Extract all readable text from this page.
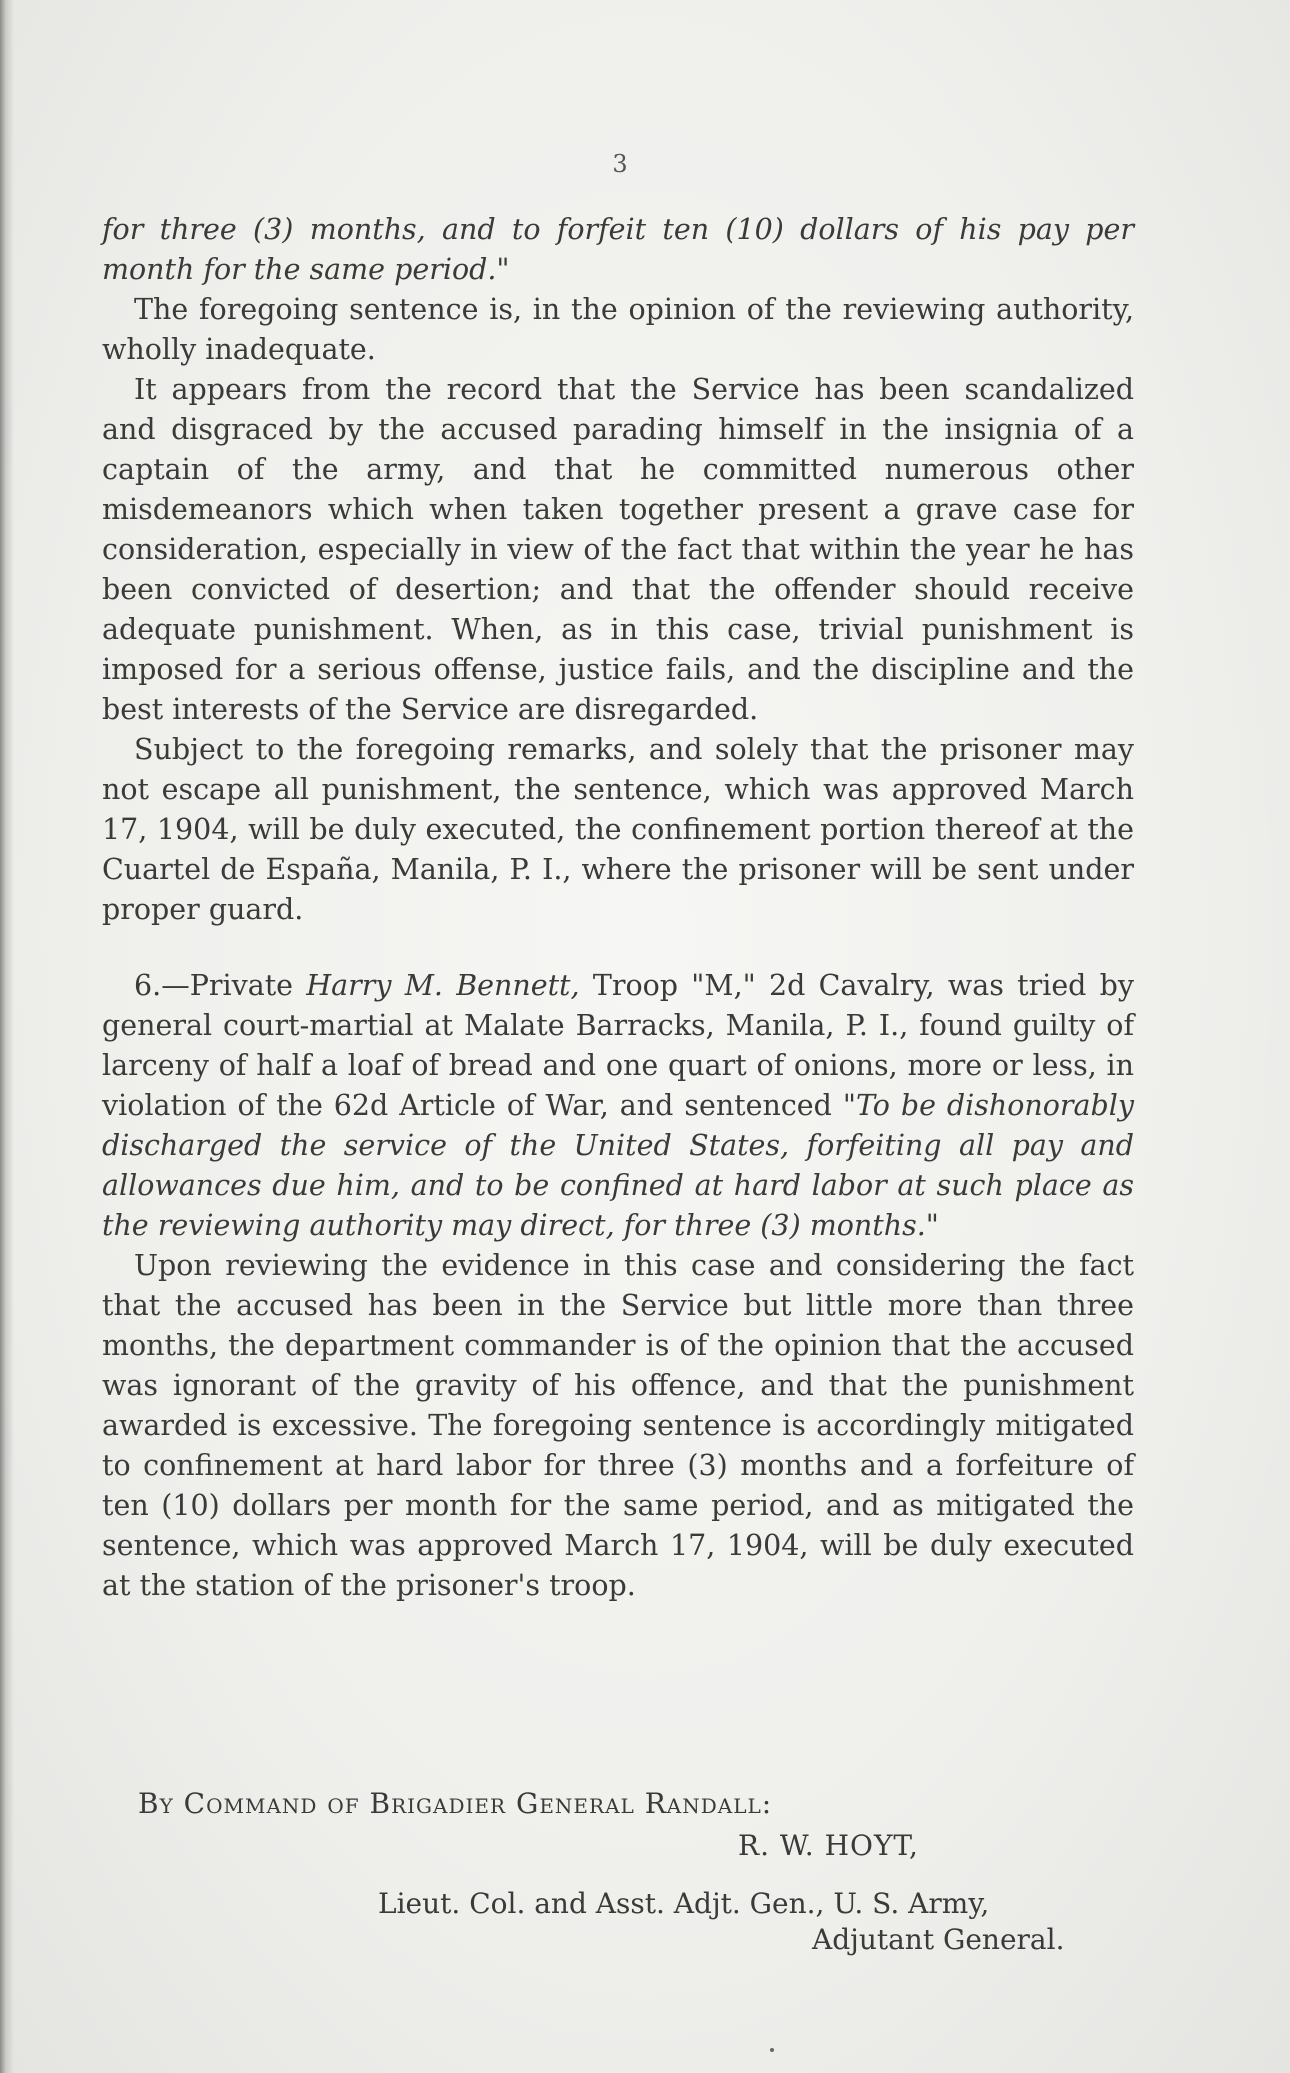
3

for three (3) months, and to forfeit ten (10) dollars of his pay per month for the same period."

The foregoing sentence is, in the opinion of the reviewing authority, wholly inadequate.

It appears from the record that the Service has been scandalized and disgraced by the accused parading himself in the insignia of a captain of the army, and that he committed numerous other misdemeanors which when taken together present a grave case for consideration, especially in view of the fact that within the year he has been convicted of desertion; and that the offender should receive adequate punishment. When, as in this case, trivial punishment is imposed for a serious offense, justice fails, and the discipline and the best interests of the Service are disregarded.

Subject to the foregoing remarks, and solely that the prisoner may not escape all punishment, the sentence, which was approved March 17, 1904, will be duly executed, the confinement portion thereof at the Cuartel de España, Manila, P. I., where the prisoner will be sent under proper guard.

6.—Private Harry M. Bennett, Troop "M," 2d Cavalry, was tried by general court-martial at Malate Barracks, Manila, P. I., found guilty of larceny of half a loaf of bread and one quart of onions, more or less, in violation of the 62d Article of War, and sentenced "To be dishonorably discharged the service of the United States, forfeiting all pay and allowances due him, and to be confined at hard labor at such place as the reviewing authority may direct, for three (3) months."

Upon reviewing the evidence in this case and considering the fact that the accused has been in the Service but little more than three months, the department commander is of the opinion that the accused was ignorant of the gravity of his offence, and that the punishment awarded is excessive. The foregoing sentence is accordingly mitigated to confinement at hard labor for three (3) months and a forfeiture of ten (10) dollars per month for the same period, and as mitigated the sentence, which was approved March 17, 1904, will be duly executed at the station of the prisoner's troop.

By Command of Brigadier General Randall:
R. W. HOYT,
Lieut. Col. and Asst. Adjt. Gen., U. S. Army,
Adjutant General.
